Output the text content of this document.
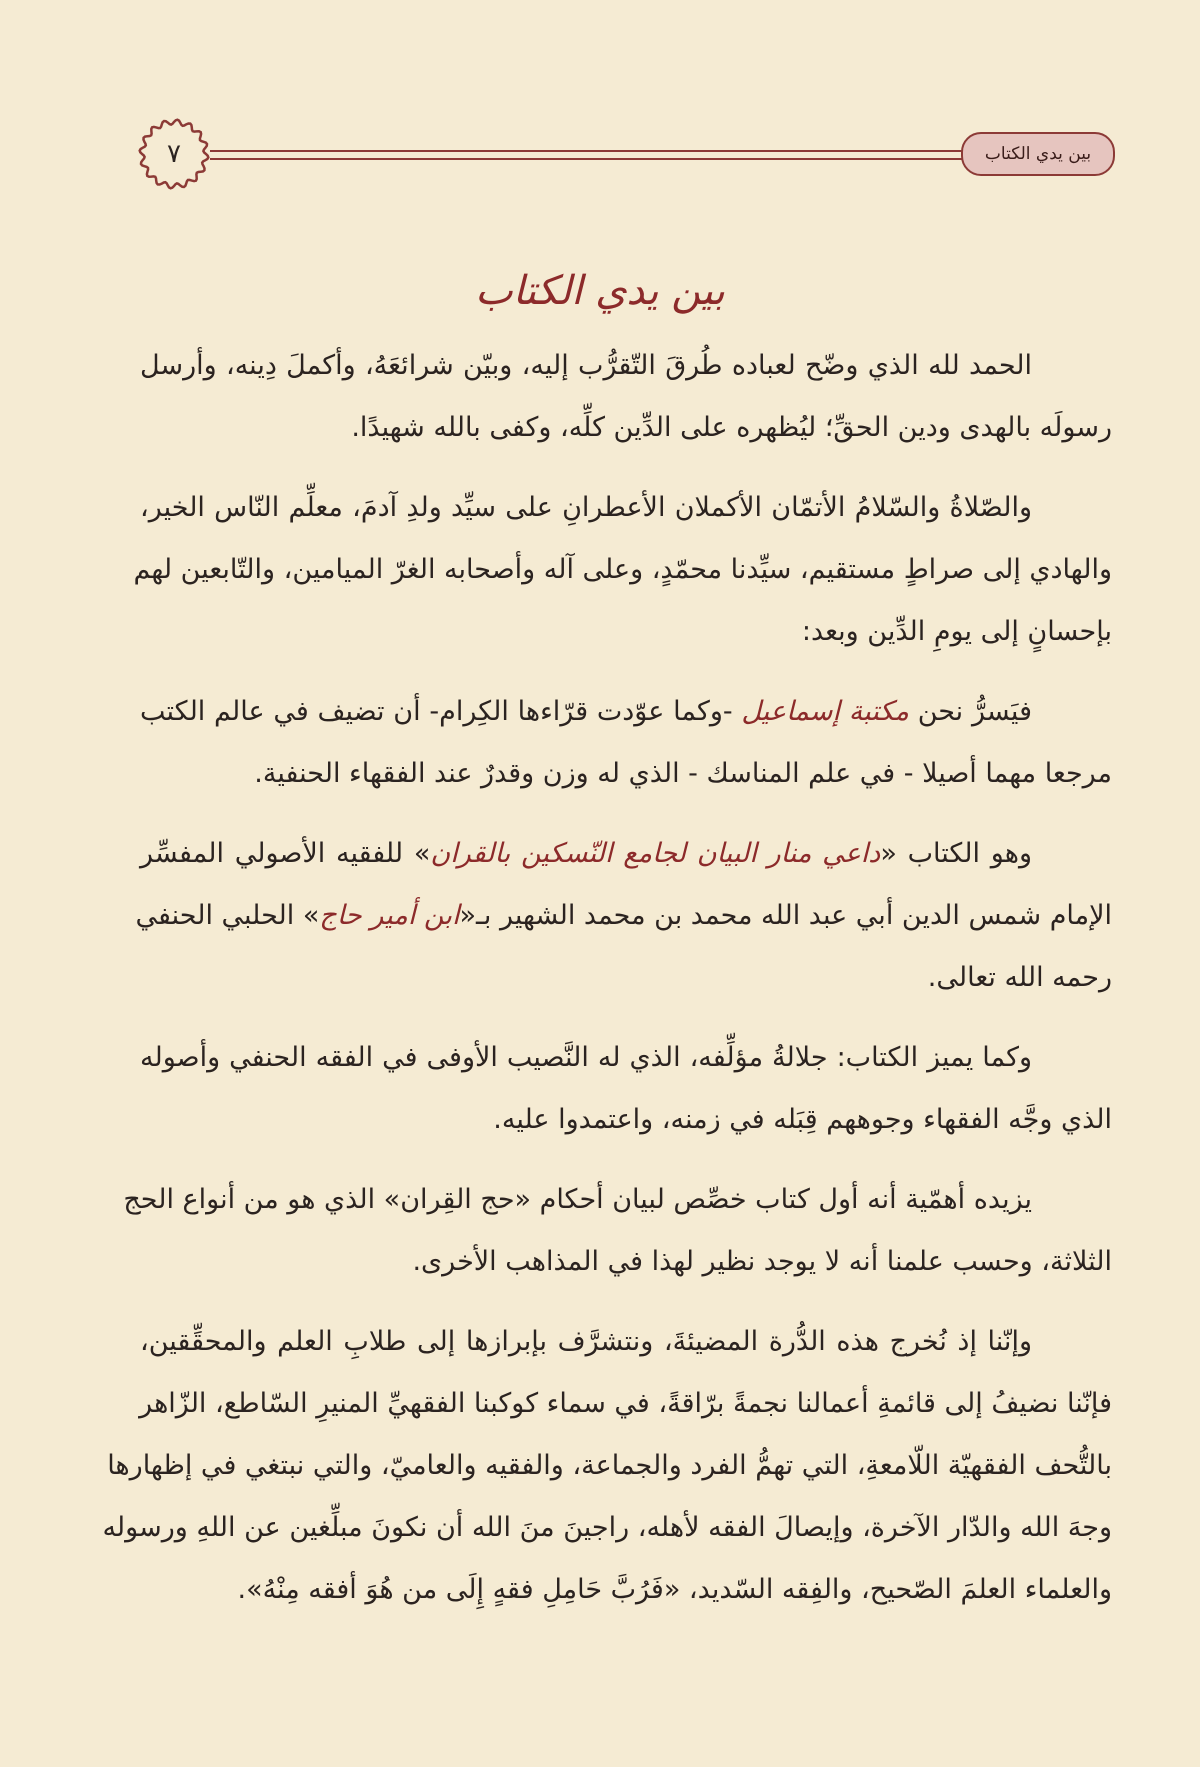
بين يدي الكتاب
٧
بين يدي الكتاب
الحمد لله الذي وضّح لعباده طُرقَ التّقرُّب إليه، وبيّن شرائعَهُ، وأكملَ دِينه، وأرسل
رسولَه بالهدى ودين الحقِّ؛ ليُظهره على الدِّين كلِّه، وكفى بالله شهيدًا.
والصّلاةُ والسّلامُ الأتمّان الأكملان الأعطرانِ على سيِّد ولدِ آدمَ، معلِّم النّاس الخير،
والهادي إلى صراطٍ مستقيم، سيِّدنا محمّدٍ، وعلى آله وأصحابه الغرّ الميامين، والتّابعين لهم
بإحسانٍ إلى يومِ الدِّين وبعد:
فيَسرُّ نحن مكتبة إسماعيل -وكما عوّدت قرّاءها الكِرام- أن تضيف في عالم الكتب
مرجعا مهما أصيلا - في علم المناسك - الذي له وزن وقدرٌ عند الفقهاء الحنفية.
وهو الكتاب «داعي منار البيان لجامع النّسكين بالقران» للفقيه الأصولي المفسِّر
الإمام شمس الدين أبي عبد الله محمد بن محمد الشهير بـ«ابن أمير حاج» الحلبي الحنفي
رحمه الله تعالى.
وكما يميز الكتاب: جلالةُ مؤلِّفه، الذي له النَّصيب الأوفى في الفقه الحنفي وأصوله
الذي وجَّه الفقهاء وجوههم قِبَله في زمنه، واعتمدوا عليه.
يزيده أهمّية أنه أول كتاب خصِّص لبيان أحكام «حج القِران» الذي هو من أنواع الحج
الثلاثة، وحسب علمنا أنه لا يوجد نظير لهذا في المذاهب الأخرى.
وإنّنا إذ نُخرج هذه الدُّرة المضيئةَ، ونتشرَّف بإبرازها إلى طلابِ العلم والمحقِّقين،
فإنّنا نضيفُ إلى قائمةِ أعمالنا نجمةً برّاقةً، في سماء كوكبنا الفقهيِّ المنيرِ السّاطع، الزّاهر
بالتُّحف الفقهيّة اللّامعةِ، التي تهمُّ الفرد والجماعة، والفقيه والعاميّ، والتي نبتغي في إظهارها
وجهَ الله والدّار الآخرة، وإيصالَ الفقه لأهله، راجينَ منَ الله أن نكونَ مبلِّغين عن اللهِ ورسوله
والعلماء العلمَ الصّحيح، والفِقه السّديد، «فَرُبَّ حَامِلِ فقهٍ إِلَى من هُوَ أفقه مِنْهُ».
